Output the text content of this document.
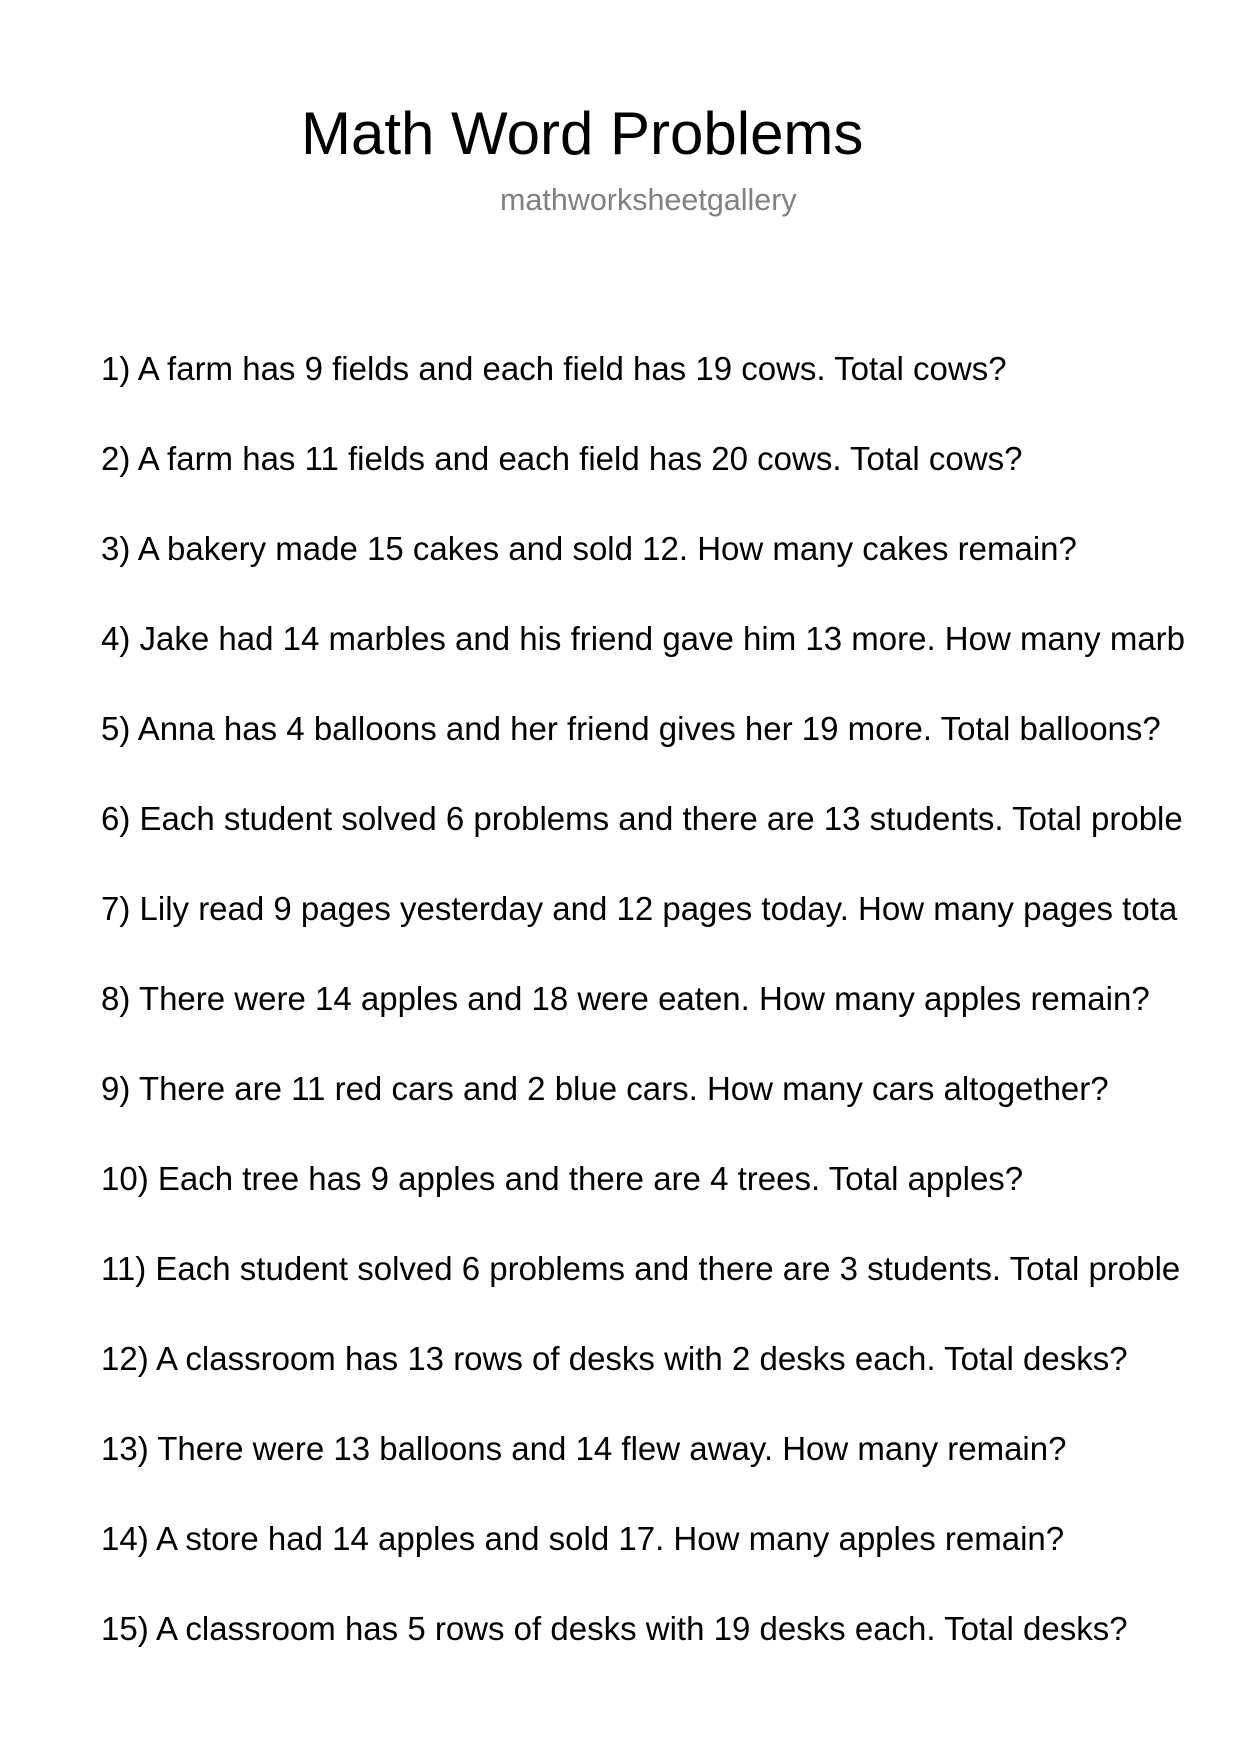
Math Word Problems
mathworksheetgallery
1) A farm has 9 fields and each field has 19 cows. Total cows?
2) A farm has 11 fields and each field has 20 cows. Total cows?
3) A bakery made 15 cakes and sold 12. How many cakes remain?
4) Jake had 14 marbles and his friend gave him 13 more. How many marb
5) Anna has 4 balloons and her friend gives her 19 more. Total balloons?
6) Each student solved 6 problems and there are 13 students. Total proble
7) Lily read 9 pages yesterday and 12 pages today. How many pages tota
8) There were 14 apples and 18 were eaten. How many apples remain?
9) There are 11 red cars and 2 blue cars. How many cars altogether?
10) Each tree has 9 apples and there are 4 trees. Total apples?
11) Each student solved 6 problems and there are 3 students. Total proble
12) A classroom has 13 rows of desks with 2 desks each. Total desks?
13) There were 13 balloons and 14 flew away. How many remain?
14) A store had 14 apples and sold 17. How many apples remain?
15) A classroom has 5 rows of desks with 19 desks each. Total desks?
